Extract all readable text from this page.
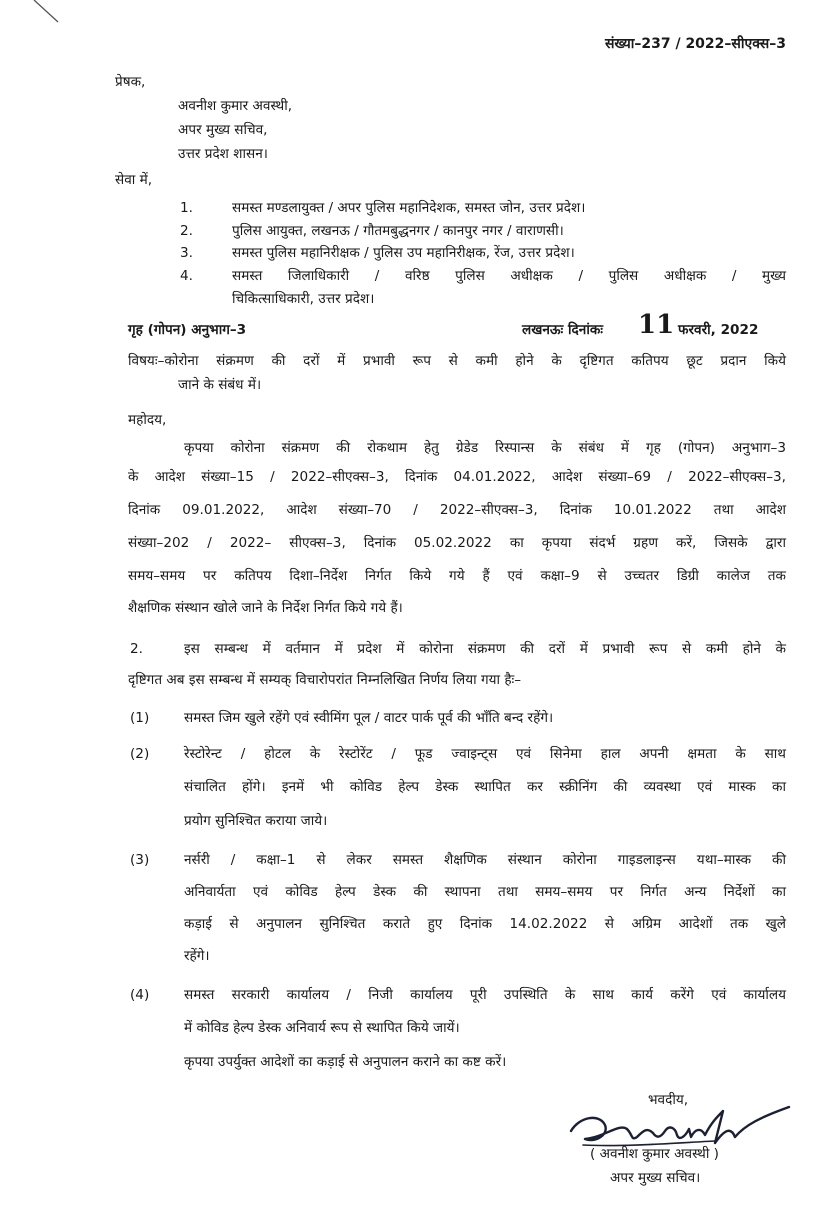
संख्या–237 / 2022–सीएक्स–3
प्रेषक,
अवनीश कुमार अवस्थी,
अपर मुख्य सचिव,
उत्तर प्रदेश शासन।
सेवा में,
1.	समस्त मण्डलायुक्त / अपर पुलिस महानिदेशक, समस्त जोन, उत्तर प्रदेश।
2.	पुलिस आयुक्त, लखनऊ / गौतमबुद्धनगर / कानपुर नगर / वाराणसी।
3.	समस्त पुलिस महानिरीक्षक / पुलिस उप महानिरीक्षक, रेंज, उत्तर प्रदेश।
4.	समस्त जिलाधिकारी / वरिष्ठ पुलिस अधीक्षक / पुलिस अधीक्षक / मुख्य
चिकित्साधिकारी, उत्तर प्रदेश।
गृह (गोपन) अनुभाग–3	लखनऊः दिनांकः 11 फरवरी, 2022
विषयः–कोरोना संक्रमण की दरों में प्रभावी रूप से कमी होने के दृष्टिगत कतिपय छूट प्रदान किये
जाने के संबंध में।
महोदय,
कृपया कोरोना संक्रमण की रोकथाम हेतु ग्रेडेड रिस्पान्स के संबंध में गृह (गोपन) अनुभाग–3
के आदेश संख्या–15 / 2022–सीएक्स–3, दिनांक 04.01.2022, आदेश संख्या–69 / 2022–सीएक्स–3,
दिनांक 09.01.2022, आदेश संख्या–70 / 2022–सीएक्स–3, दिनांक 10.01.2022 तथा आदेश
संख्या–202 / 2022– सीएक्स–3, दिनांक 05.02.2022 का कृपया संदर्भ ग्रहण करें, जिसके द्वारा
समय–समय पर कतिपय दिशा–निर्देश निर्गत किये गये हैं एवं कक्षा–9 से उच्चतर डिग्री कालेज तक
शैक्षणिक संस्थान खोले जाने के निर्देश निर्गत किये गये हैं।
2.	इस सम्बन्ध में वर्तमान में प्रदेश में कोरोना संक्रमण की दरों में प्रभावी रूप से कमी होने के
दृष्टिगत अब इस सम्बन्ध में सम्यक् विचारोपरांत निम्नलिखित निर्णय लिया गया हैः–
(1)	समस्त जिम खुले रहेंगे एवं स्वीमिंग पूल / वाटर पार्क पूर्व की भाँति बन्द रहेंगे।
(2)	रेस्टोरेन्ट / होटल के रेस्टोरेंट / फूड ज्वाइन्ट्स एवं सिनेमा हाल अपनी क्षमता के साथ
संचालित होंगे। इनमें भी कोविड हेल्प डेस्क स्थापित कर स्क्रीनिंग की व्यवस्था एवं मास्क का
प्रयोग सुनिश्चित कराया जाये।
(3)	नर्सरी / कक्षा–1 से लेकर समस्त शैक्षणिक संस्थान कोरोना गाइडलाइन्स यथा–मास्क की
अनिवार्यता एवं कोविड हेल्प डेस्क की स्थापना तथा समय–समय पर निर्गत अन्य निर्देशों का
कड़ाई से अनुपालन सुनिश्चित कराते हुए दिनांक 14.02.2022 से अग्रिम आदेशों तक खुले
रहेंगे।
(4)	समस्त सरकारी कार्यालय / निजी कार्यालय पूरी उपस्थिति के साथ कार्य करेंगे एवं कार्यालय
में कोविड हेल्प डेस्क अनिवार्य रूप से स्थापित किये जायें।
कृपया उपर्युक्त आदेशों का कड़ाई से अनुपालन कराने का कष्ट करें।
भवदीय,
( अवनीश कुमार अवस्थी )
अपर मुख्य सचिव।
